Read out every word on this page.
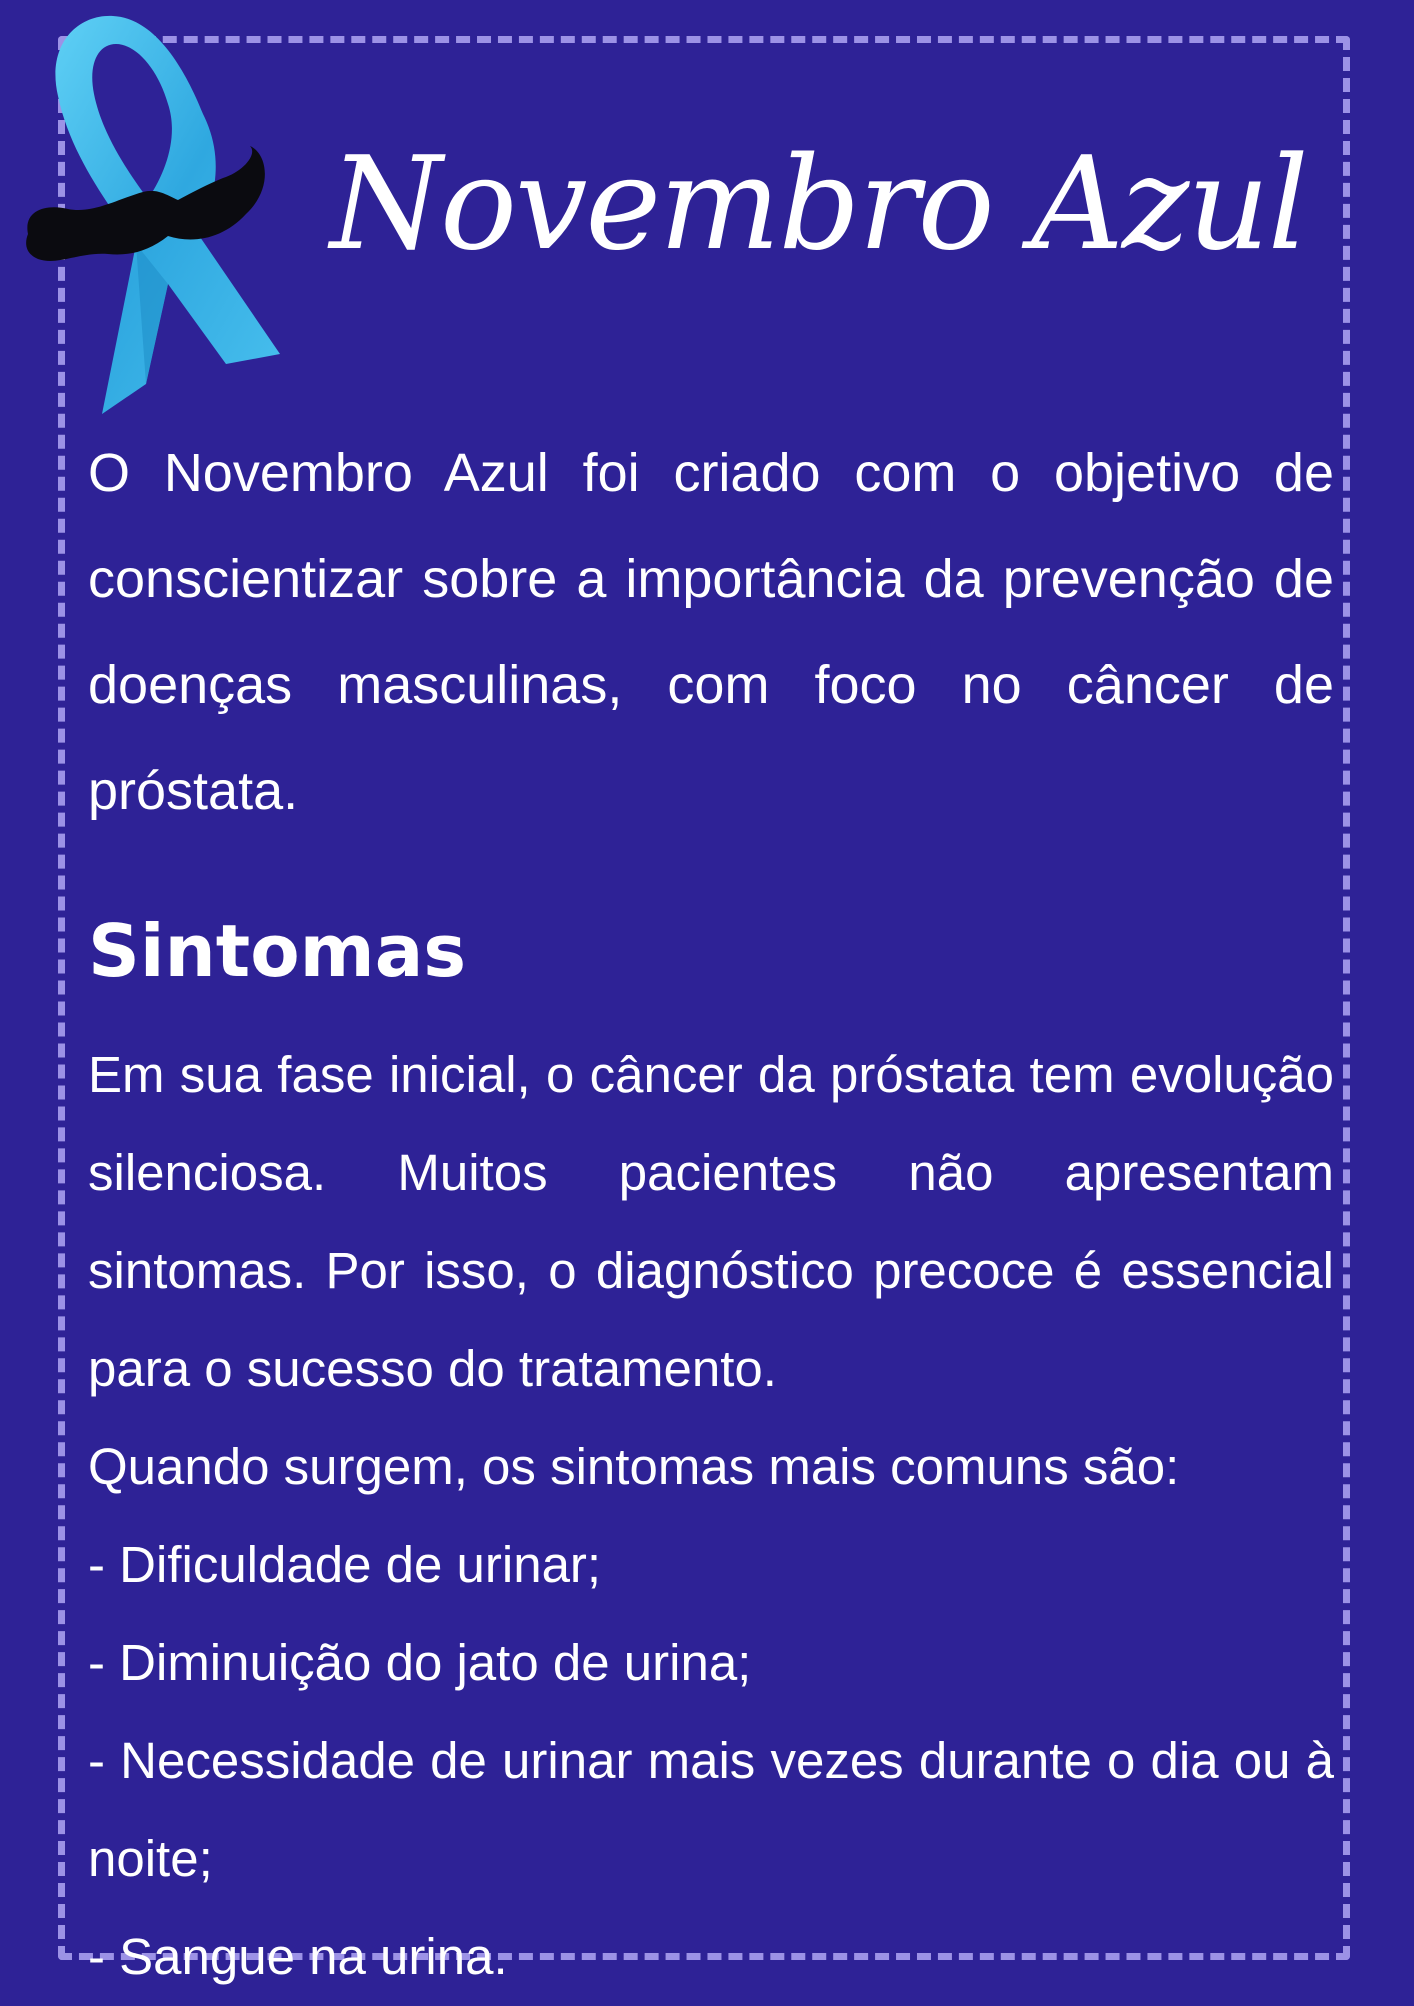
Novembro Azul

O Novembro Azul foi criado com o objetivo de conscientizar sobre a importância da prevenção de doenças masculinas, com foco no câncer de próstata.

Sintomas

Em sua fase inicial, o câncer da próstata tem evolução silenciosa. Muitos pacientes não apresentam sintomas. Por isso, o diagnóstico precoce é essencial para o sucesso do tratamento.

Quando surgem, os sintomas mais comuns são:

- Dificuldade de urinar;

- Diminuição do jato de urina;

- Necessidade de urinar mais vezes durante o dia ou à noite;

- Sangue na urina.
